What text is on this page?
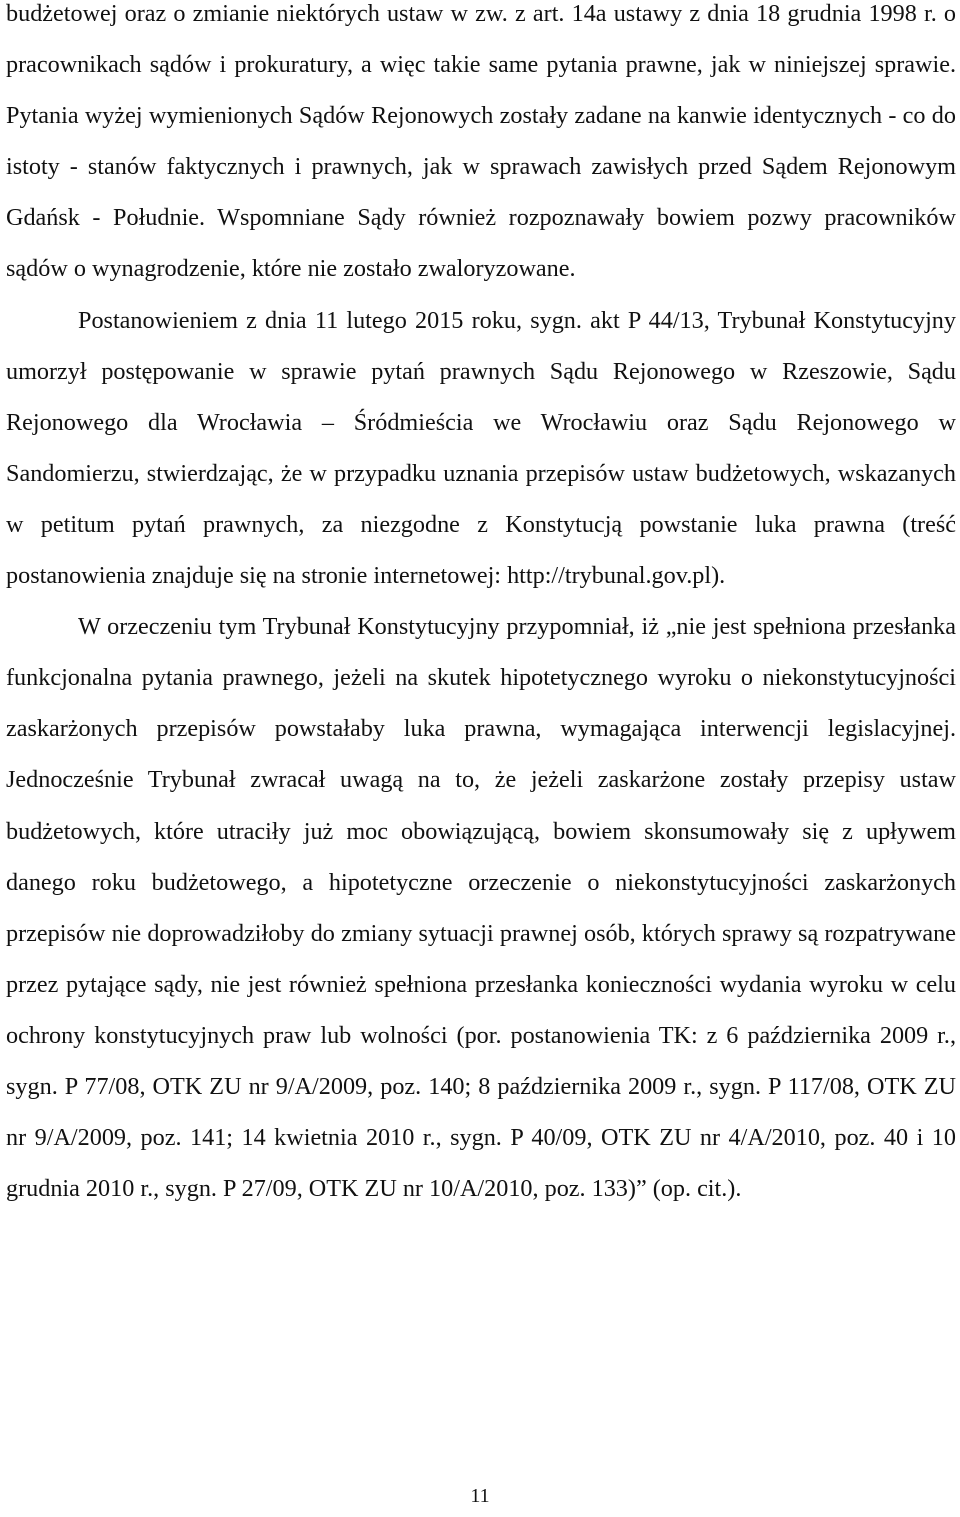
budżetowej oraz o zmianie niektórych ustaw w zw. z art. 14a ustawy z dnia 18 grudnia 1998 r. o pracownikach sądów i prokuratury, a więc takie same pytania prawne, jak w niniejszej sprawie. Pytania wyżej wymienionych Sądów Rejonowych zostały zadane na kanwie identycznych - co do istoty - stanów faktycznych i prawnych, jak w sprawach zawisłych przed Sądem Rejonowym Gdańsk - Południe. Wspomniane Sądy również rozpoznawały bowiem pozwy pracowników sądów o wynagrodzenie, które nie zostało zwaloryzowane.

Postanowieniem z dnia 11 lutego 2015 roku, sygn. akt P 44/13, Trybunał Konstytucyjny umorzył postępowanie w sprawie pytań prawnych Sądu Rejonowego w Rzeszowie, Sądu Rejonowego dla Wrocławia – Śródmieścia we Wrocławiu oraz Sądu Rejonowego w Sandomierzu, stwierdzając, że w przypadku uznania przepisów ustaw budżetowych, wskazanych w petitum pytań prawnych, za niezgodne z Konstytucją powstanie luka prawna (treść postanowienia znajduje się na stronie internetowej: http://trybunal.gov.pl).

W orzeczeniu tym Trybunał Konstytucyjny przypomniał, iż „nie jest spełniona przesłanka funkcjonalna pytania prawnego, jeżeli na skutek hipotetycznego wyroku o niekonstytucyjności zaskarżonych przepisów powstałaby luka prawna, wymagająca interwencji legislacyjnej. Jednocześnie Trybunał zwracał uwagą na to, że jeżeli zaskarżone zostały przepisy ustaw budżetowych, które utraciły już moc obowiązującą, bowiem skonsumowały się z upływem danego roku budżetowego, a hipotetyczne orzeczenie o niekonstytucyjności zaskarżonych przepisów nie doprowadziłoby do zmiany sytuacji prawnej osób, których sprawy są rozpatrywane przez pytające sądy, nie jest również spełniona przesłanka konieczności wydania wyroku w celu ochrony konstytucyjnych praw lub wolności (por. postanowienia TK: z 6 października 2009 r., sygn. P 77/08, OTK ZU nr 9/A/2009, poz. 140; 8 października 2009 r., sygn. P 117/08, OTK ZU nr 9/A/2009, poz. 141; 14 kwietnia 2010 r., sygn. P 40/09, OTK ZU nr 4/A/2010, poz. 40 i 10 grudnia 2010 r., sygn. P 27/09, OTK ZU nr 10/A/2010, poz. 133)” (op. cit.).

11
